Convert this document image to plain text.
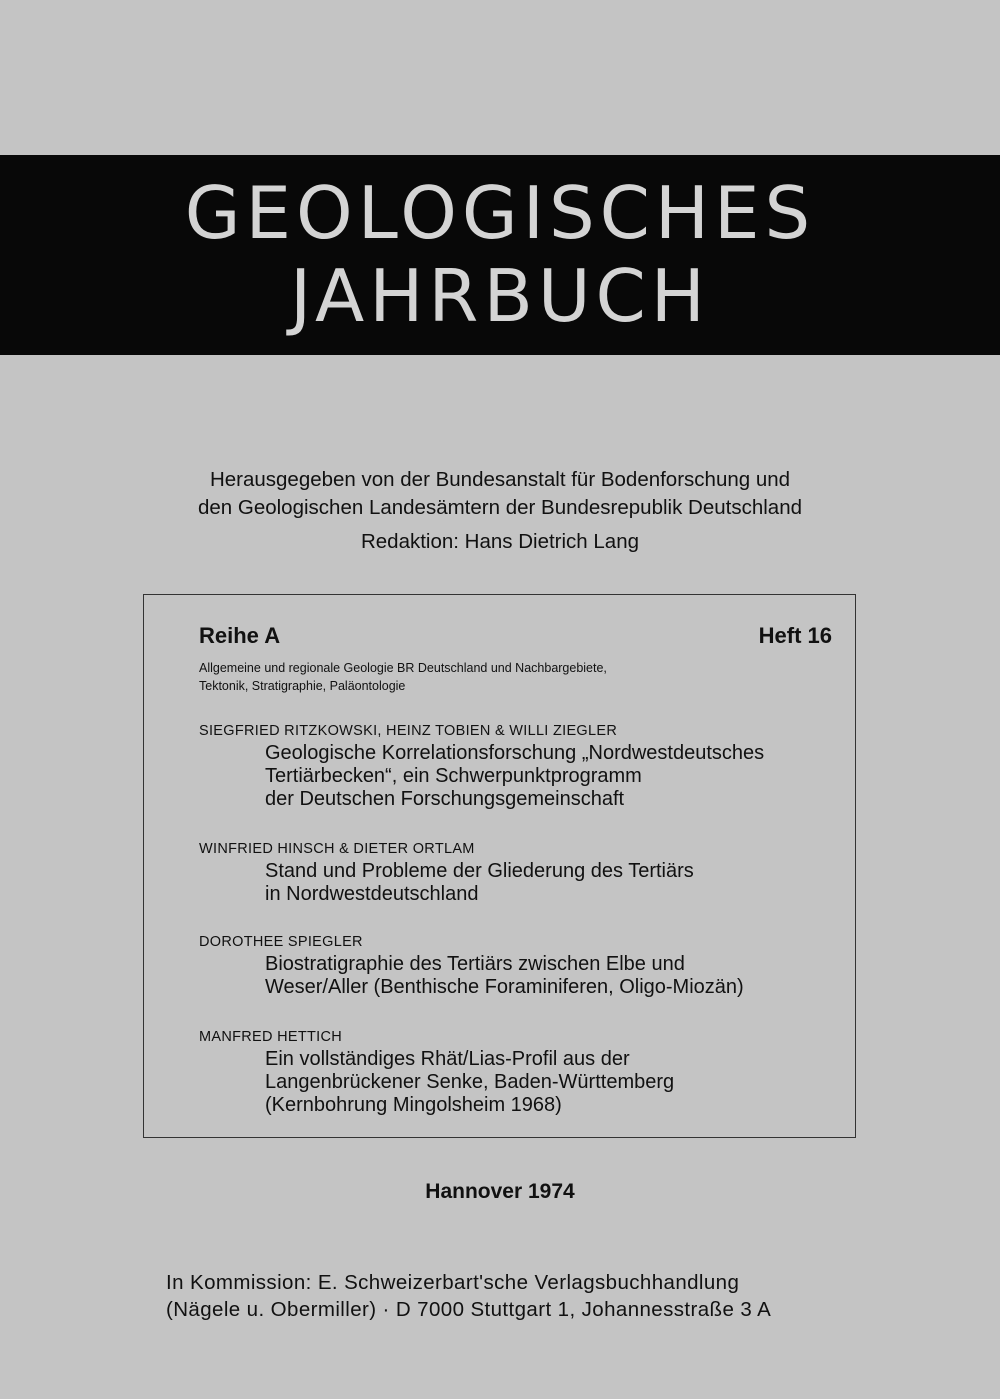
GEOLOGISCHES
JAHRBUCH
Herausgegeben von der Bundesanstalt für Bodenforschung und
den Geologischen Landesämtern der Bundesrepublik Deutschland
Redaktion: Hans Dietrich Lang
Reihe A	Heft 16
Allgemeine und regionale Geologie BR Deutschland und Nachbargebiete,
Tektonik, Stratigraphie, Paläontologie
SIEGFRIED RITZKOWSKI, HEINZ TOBIEN & WILLI ZIEGLER
Geologische Korrelationsforschung „Nordwestdeutsches
Tertiärbecken“, ein Schwerpunktprogramm
der Deutschen Forschungsgemeinschaft
WINFRIED HINSCH & DIETER ORTLAM
Stand und Probleme der Gliederung des Tertiärs
in Nordwestdeutschland
DOROTHEE SPIEGLER
Biostratigraphie des Tertiärs zwischen Elbe und
Weser/Aller (Benthische Foraminiferen, Oligo-Miozän)
MANFRED HETTICH
Ein vollständiges Rhät/Lias-Profil aus der
Langenbrückener Senke, Baden-Württemberg
(Kernbohrung Mingolsheim 1968)
Hannover 1974
In Kommission: E. Schweizerbart'sche Verlagsbuchhandlung
(Nägele u. Obermiller) · D 7000 Stuttgart 1, Johannesstraße 3 A
